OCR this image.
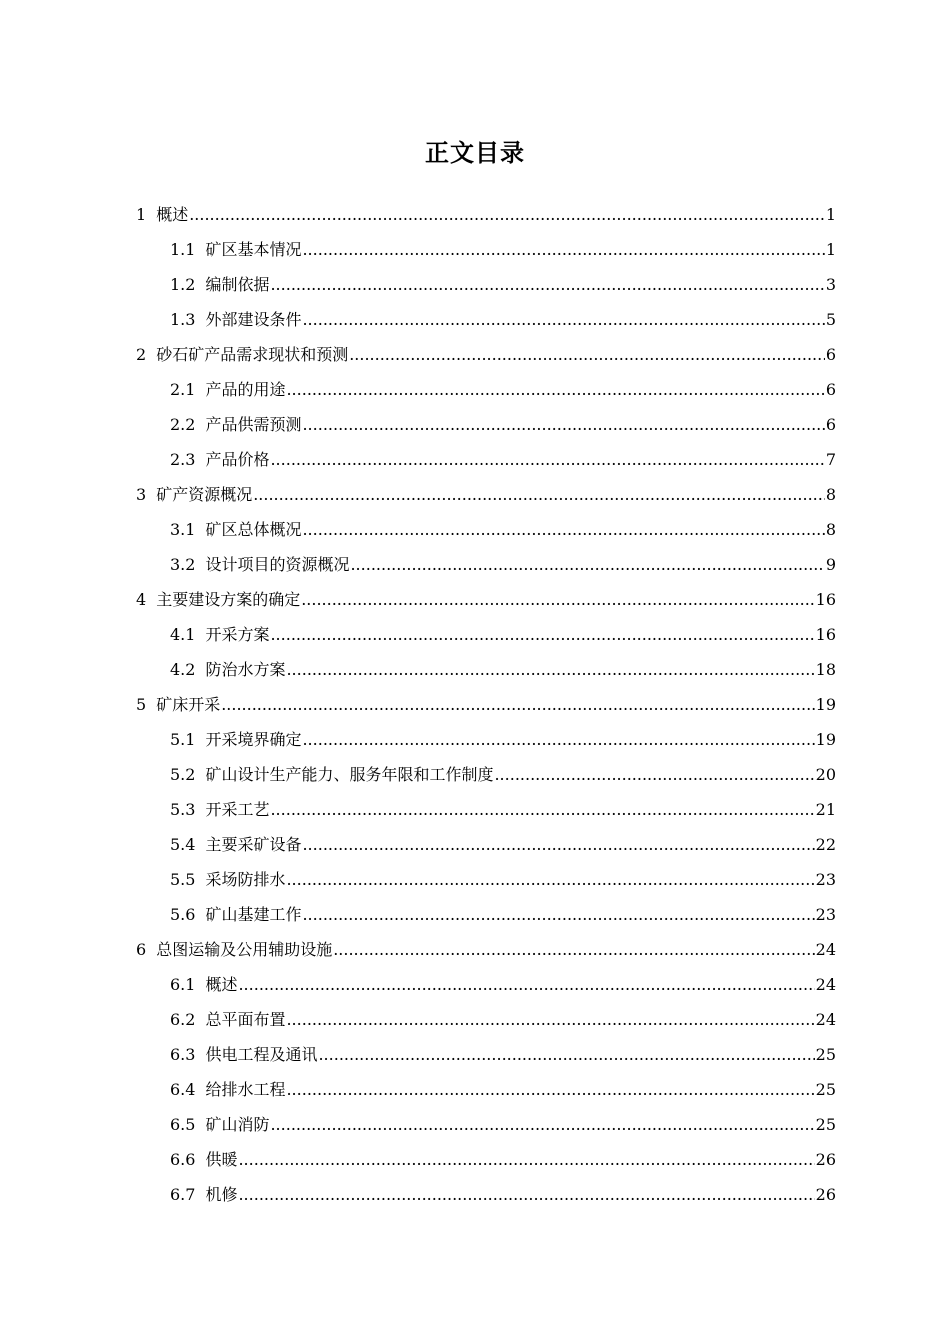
正文目录
1 概述 .....	1
1.1 矿区基本情况 .....	1
1.2 编制依据 .....	3
1.3 外部建设条件 .....	5
2 砂石矿产品需求现状和预测 .....	6
2.1 产品的用途 .....	6
2.2 产品供需预测 .....	6
2.3 产品价格 .....	7
3 矿产资源概况 .....	8
3.1 矿区总体概况 .....	8
3.2 设计项目的资源概况 .....	9
4 主要建设方案的确定 .....	16
4.1 开采方案 .....	16
4.2 防治水方案 .....	18
5 矿床开采 .....	19
5.1 开采境界确定 .....	19
5.2 矿山设计生产能力、服务年限和工作制度 .....	20
5.3 开采工艺 .....	21
5.4 主要采矿设备 .....	22
5.5 采场防排水 .....	23
5.6 矿山基建工作 .....	23
6 总图运输及公用辅助设施 .....	24
6.1 概述 .....	24
6.2 总平面布置 .....	24
6.3 供电工程及通讯 .....	25
6.4 给排水工程 .....	25
6.5 矿山消防 .....	25
6.6 供暖 .....	26
6.7 机修 .....	26
